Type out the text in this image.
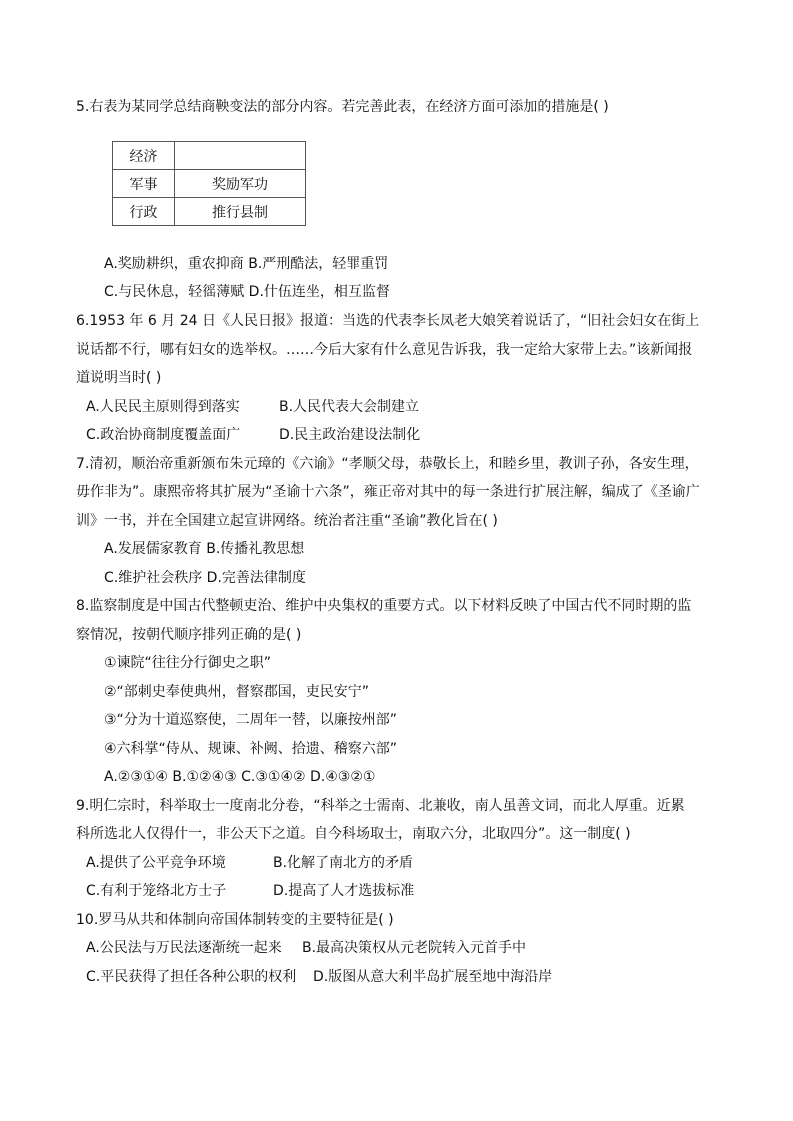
5.右表为某同学总结商鞅变法的部分内容。若完善此表，在经济方面可添加的措施是( )
经济	
军事	奖励军功
行政	推行县制
A.奖励耕织，重农抑商 B.严刑酷法，轻罪重罚
C.与民休息，轻徭薄赋 D.什伍连坐，相互监督
6.1953 年 6 月 24 日《人民日报》报道：当选的代表李长凤老大娘笑着说话了，“旧社会妇女在街上
说话都不行，哪有妇女的选举权。……今后大家有什么意见告诉我，我一定给大家带上去。”该新闻报
道说明当时( )
A.人民民主原则得到落实	B.人民代表大会制建立
C.政治协商制度覆盖面广	D.民主政治建设法制化
7.清初，顺治帝重新颁布朱元璋的《六谕》“孝顺父母，恭敬长上，和睦乡里，教训子孙，各安生理，
毋作非为”。康熙帝将其扩展为“圣谕十六条”，雍正帝对其中的每一条进行扩展注解，编成了《圣谕广
训》一书，并在全国建立起宣讲网络。统治者注重“圣谕”教化旨在( )
A.发展儒家教育 B.传播礼教思想
C.维护社会秩序 D.完善法律制度
8.监察制度是中国古代整顿吏治、维护中央集权的重要方式。以下材料反映了中国古代不同时期的监
察情况，按朝代顺序排列正确的是( )
①谏院“往往分行御史之职”
②“部刺史奉使典州，督察郡国，吏民安宁”
③“分为十道巡察使，二周年一替，以廉按州部”
④六科掌“侍从、规谏、补阙、拾遗、稽察六部”
A.②③①④ B.①②④③ C.③①④② D.④③②①
9.明仁宗时，科举取士一度南北分卷，“科举之士需南、北兼收，南人虽善文词，而北人厚重。近累
科所选北人仅得什一，非公天下之道。自今科场取士，南取六分，北取四分”。这一制度( )
A.提供了公平竞争环境	B.化解了南北方的矛盾
C.有利于笼络北方士子	D.提高了人才选拔标准
10.罗马从共和体制向帝国体制转变的主要特征是( )
A.公民法与万民法逐渐统一起来 B.最高决策权从元老院转入元首手中
C.平民获得了担任各种公职的权利 D.版图从意大利半岛扩展至地中海沿岸
